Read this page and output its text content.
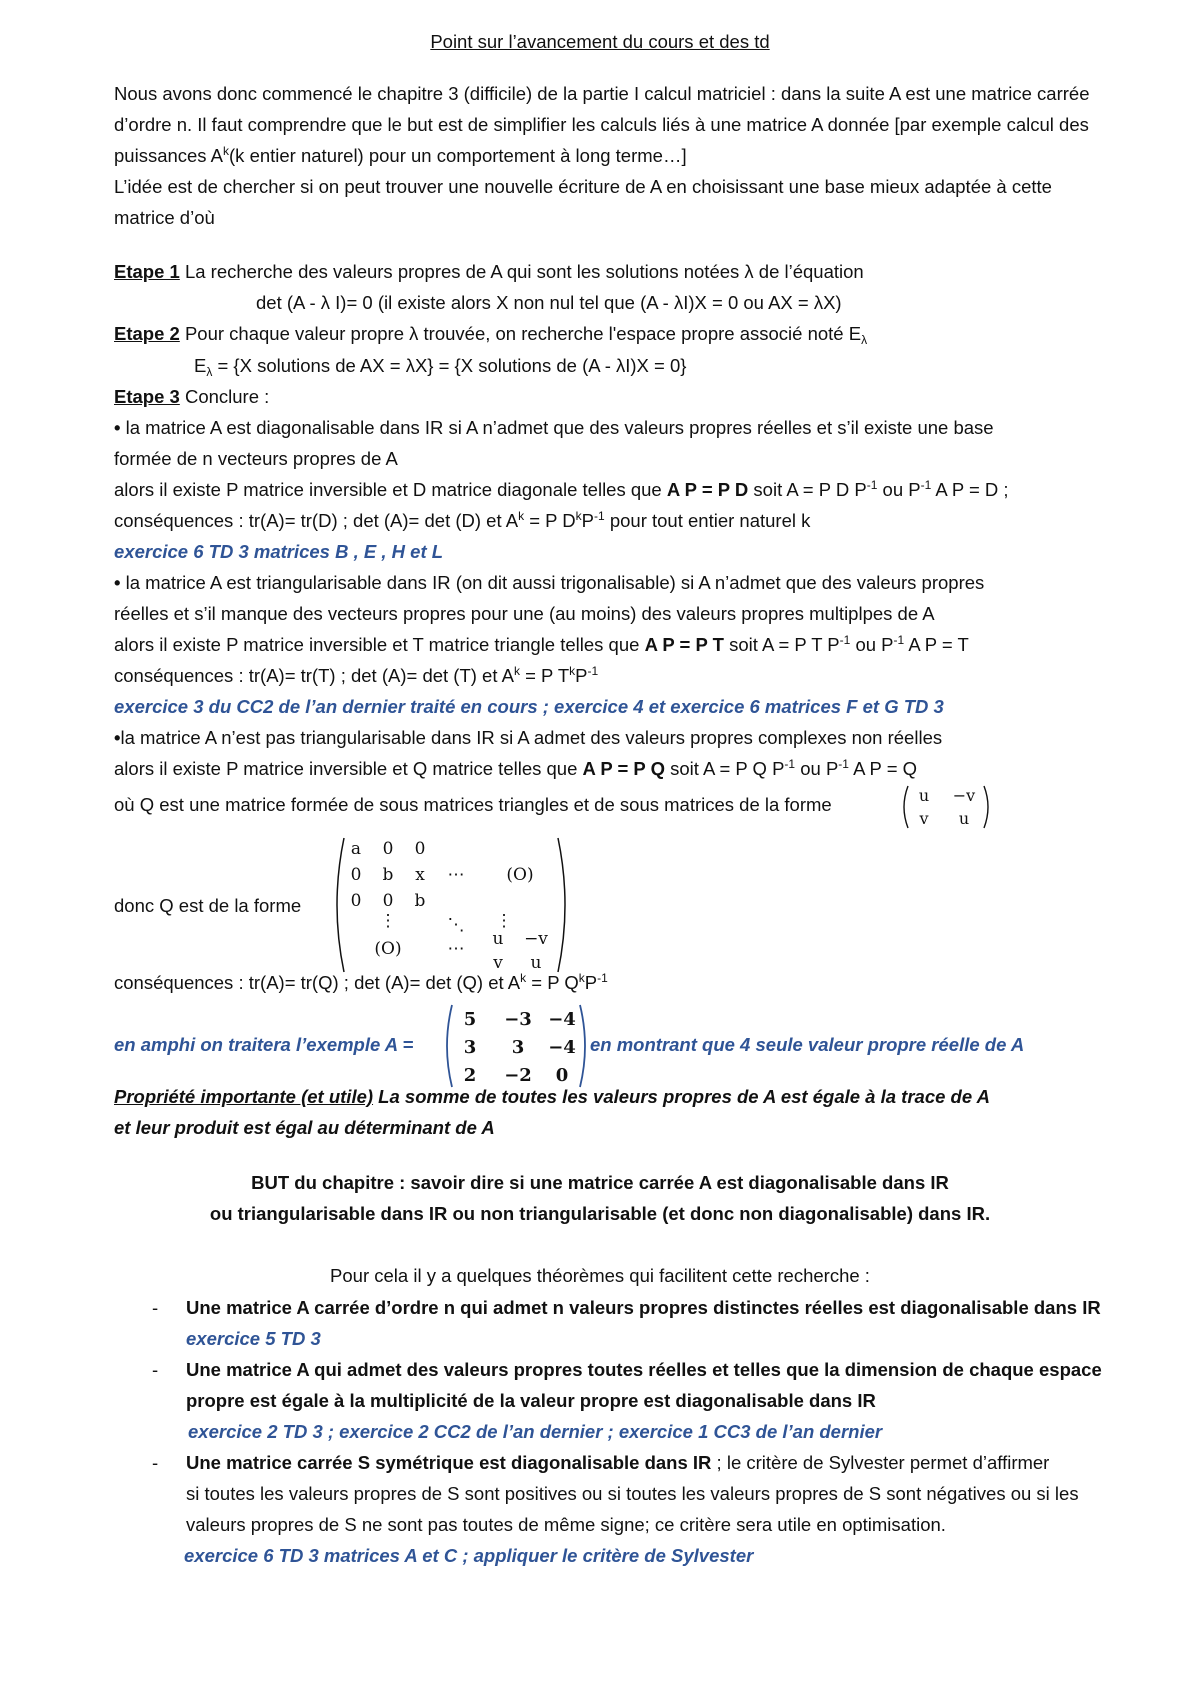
Point sur l’avancement du cours et des td
Nous avons donc commencé le chapitre 3 (difficile) de la partie I calcul matriciel : dans la suite A est une matrice carrée
d’ordre n. Il faut comprendre que le but est de simplifier les calculs liés à une matrice A donnée [par exemple calcul des
puissances $A^k(k$ entier naturel) pour un comportement à long terme…]
L’idée est de chercher si on peut trouver une nouvelle écriture de A en choisissant une base mieux adaptée à cette
matrice d’où
Etape 1 La recherche des valeurs propres de A qui sont les solutions notées λ de l’équation
det (A - λ I)= 0 (il existe alors X non nul tel que (A - λI)X = 0 ou AX = λX)
Etape 2 Pour chaque valeur propre λ trouvée, on recherche l'espace propre associé noté $E_\lambda$
$E_\lambda = \{X$ solutions de AX = λX} = {X solutions de (A - λI)X = 0}
Etape 3 Conclure :
• la matrice A est diagonalisable dans IR si A n’admet que des valeurs propres réelles et s’il existe une base
formée de n vecteurs propres de A
alors il existe P matrice inversible et D matrice diagonale telles que A P = P D soit A = P D $P^{-1}$ ou $P^{-1}$ A P = D ;
conséquences : tr(A)= tr(D) ; det (A)= det (D) et $A^k = P$ $D^kP^{-1}$ pour tout entier naturel k
exercice 6 TD 3 matrices B , E , H et L
• la matrice A est triangularisable dans IR (on dit aussi trigonalisable) si A n’admet que des valeurs propres
réelles et s’il manque des vecteurs propres pour une (au moins) des valeurs propres multiplpes de A
alors il existe P matrice inversible et T matrice triangle telles que A P = P T soit A = P T $P^{-1}$ ou $P^{-1}$ A P = T
conséquences : tr(A)= tr(T) ; det (A)= det (T) et $A^k = P$ $T^kP^{-1}$
exercice 3 du CC2 de l’an dernier traité en cours ; exercice 4 et exercice 6 matrices F et G TD 3
•la matrice A n’est pas triangularisable dans IR si A admet des valeurs propres complexes non réelles
alors il existe P matrice inversible et Q matrice telles que A P = P Q soit A = P Q $P^{-1}$ ou $P^{-1}$ A P = Q
où Q est une matrice formée de sous matrices triangles et de sous matrices de la forme	u −v
v u
donc Q est de la forme
a 0 0
0 b x ⋯ (O)
0 0 b
⋮	⋱ ⋮
(O)	⋯ u −v
v u
conséquences : tr(A)= tr(Q) ; det (A)= det (Q) et $A^k = P$ $Q^kP^{-1}$
en amphi on traitera l’exemple A =
5 −3 −4
3 3 −4
2 −2 0
en montrant que 4 seule valeur propre réelle de A
Propriété importante (et utile) La somme de toutes les valeurs propres de A est égale à la trace de A
et leur produit est égal au déterminant de A
BUT du chapitre : savoir dire si une matrice carrée A est diagonalisable dans IR
ou triangularisable dans IR ou non triangularisable (et donc non diagonalisable) dans IR.
Pour cela il y a quelques théorèmes qui facilitent cette recherche :
- Une matrice A carrée d’ordre n qui admet n valeurs propres distinctes réelles est diagonalisable dans IR
exercice 5 TD 3
- Une matrice A qui admet des valeurs propres toutes réelles et telles que la dimension de chaque espace
propre est égale à la multiplicité de la valeur propre est diagonalisable dans IR
exercice 2 TD 3 ; exercice 2 CC2 de l’an dernier ; exercice 1 CC3 de l’an dernier
- Une matrice carrée S symétrique est diagonalisable dans IR ; le critère de Sylvester permet d’affirmer
si toutes les valeurs propres de S sont positives ou si toutes les valeurs propres de S sont négatives ou si les
valeurs propres de S ne sont pas toutes de même signe; ce critère sera utile en optimisation.
exercice 6 TD 3 matrices A et C ; appliquer le critère de Sylvester
